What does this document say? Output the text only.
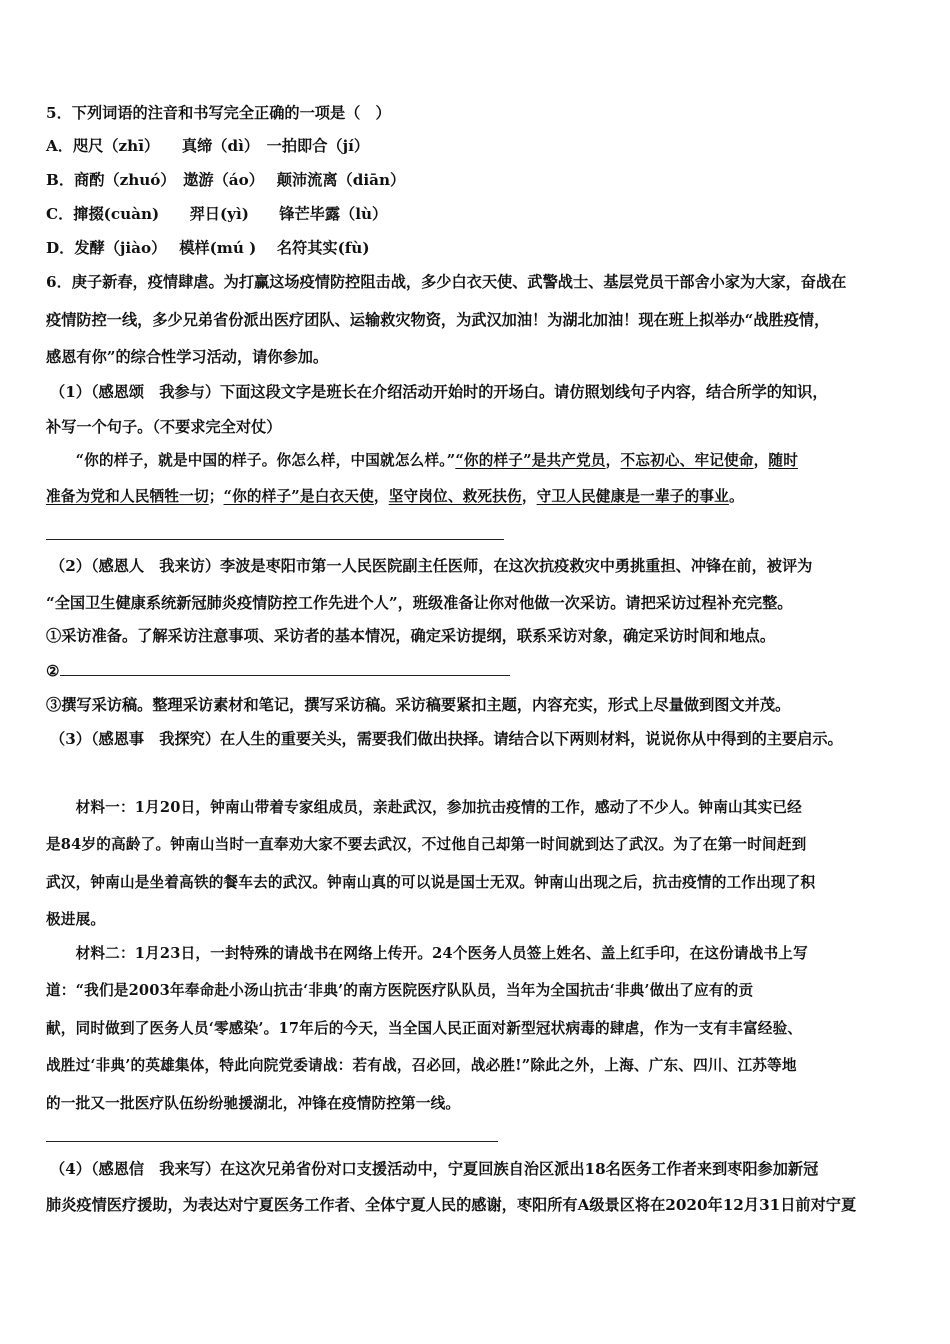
5．下列词语的注音和书写完全正确的一项是（　）
A．咫尺（zhī）　　真缔（dì）　一拍即合（jí）
B．商酌（zhuó）　遨游（áo）　 颠沛流离（diān）
C．撺掇(cuàn)　　羿日(yì)　　锋芒毕露（lù）
D．发酵（jiào）　 模样(mú )　 名符其实(fù)
6．庚子新春，疫情肆虐。为打赢这场疫情防控阻击战，多少白衣天使、武警战士、基层党员干部舍小家为大家，奋战在
疫情防控一线，多少兄弟省份派出医疗团队、运输救灾物资，为武汉加油！为湖北加油！现在班上拟举办“战胜疫情，
感恩有你”的综合性学习活动，请你参加。
（1）（感恩颂　我参与）下面这段文字是班长在介绍活动开始时的开场白。请仿照划线句子内容，结合所学的知识，
补写一个句子。（不要求完全对仗）
　　“你的样子，就是中国的样子。你怎么样，中国就怎么样。”“你的样子”是共产党员，不忘初心、牢记使命，随时
准备为党和人民牺牲一切；“你的样子”是白衣天使，坚守岗位、救死扶伤，守卫人民健康是一辈子的事业。
（2）（感恩人　我来访）李波是枣阳市第一人民医院副主任医师，在这次抗疫救灾中勇挑重担、冲锋在前，被评为
“全国卫生健康系统新冠肺炎疫情防控工作先进个人”，班级准备让你对他做一次采访。请把采访过程补充完整。
①采访准备。了解采访注意事项、采访者的基本情况，确定采访提纲，联系采访对象，确定采访时间和地点。
②
③撰写采访稿。整理采访素材和笔记，撰写采访稿。采访稿要紧扣主题，内容充实，形式上尽量做到图文并茂。
（3）（感恩事　我探究）在人生的重要关头，需要我们做出抉择。请结合以下两则材料，说说你从中得到的主要启示。
　　材料一：1月20日，钟南山带着专家组成员，亲赴武汉，参加抗击疫情的工作，感动了不少人。钟南山其实已经
是84岁的高龄了。钟南山当时一直奉劝大家不要去武汉，不过他自己却第一时间就到达了武汉。为了在第一时间赶到
武汉，钟南山是坐着高铁的餐车去的武汉。钟南山真的可以说是国士无双。钟南山出现之后，抗击疫情的工作出现了积
极进展。
　　材料二：1月23日，一封特殊的请战书在网络上传开。24个医务人员签上姓名、盖上红手印，在这份请战书上写
道：“我们是2003年奉命赴小汤山抗击‘非典’的南方医院医疗队队员，当年为全国抗击‘非典’做出了应有的贡
献，同时做到了医务人员‘零感染’。17年后的今天，当全国人民正面对新型冠状病毒的肆虐，作为一支有丰富经验、
战胜过‘非典’的英雄集体，特此向院党委请战：若有战，召必回，战必胜!”除此之外，上海、广东、四川、江苏等地
的一批又一批医疗队伍纷纷驰援湖北，冲锋在疫情防控第一线。
（4）（感恩信　我来写）在这次兄弟省份对口支援活动中，宁夏回族自治区派出18名医务工作者来到枣阳参加新冠
肺炎疫情医疗援助，为表达对宁夏医务工作者、全体宁夏人民的感谢，枣阳所有A级景区将在2020年12月31日前对宁夏
